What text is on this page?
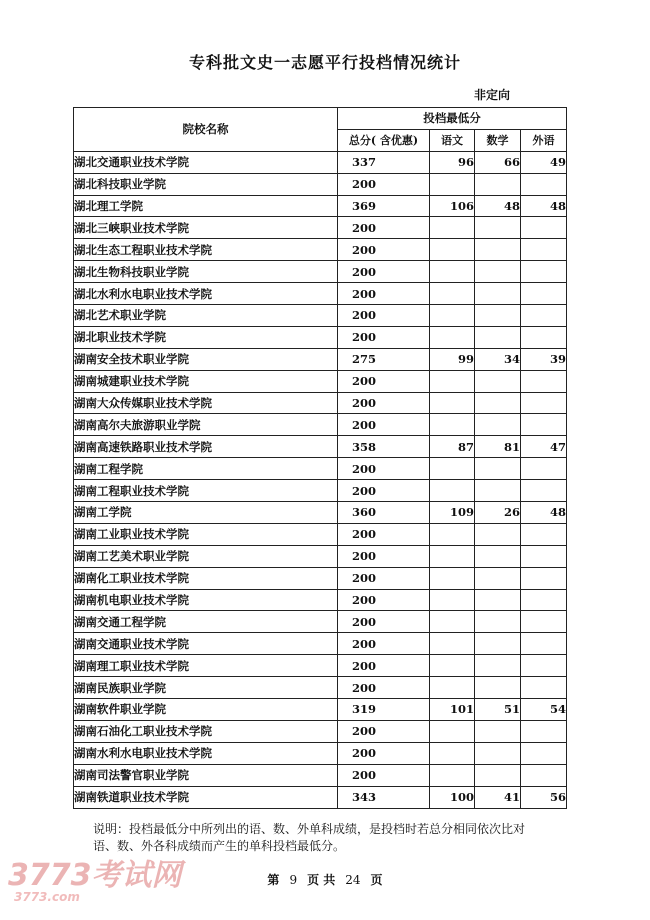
专科批文史一志愿平行投档情况统计
非定向
院校名称	投档最低分			
	总分( 含优惠)	语文	数学	外语
湖北交通职业技术学院	337	96	66	49
湖北科技职业学院	200			
湖北理工学院	369	106	48	48
湖北三峡职业技术学院	200			
湖北生态工程职业技术学院	200			
湖北生物科技职业学院	200			
湖北水利水电职业技术学院	200			
湖北艺术职业学院	200			
湖北职业技术学院	200			
湖南安全技术职业学院	275	99	34	39
湖南城建职业技术学院	200			
湖南大众传媒职业技术学院	200			
湖南高尔夫旅游职业学院	200			
湖南高速铁路职业技术学院	358	87	81	47
湖南工程学院	200			
湖南工程职业技术学院	200			
湖南工学院	360	109	26	48
湖南工业职业技术学院	200			
湖南工艺美术职业学院	200			
湖南化工职业技术学院	200			
湖南机电职业技术学院	200			
湖南交通工程学院	200			
湖南交通职业技术学院	200			
湖南理工职业技术学院	200			
湖南民族职业学院	200			
湖南软件职业学院	319	101	51	54
湖南石油化工职业技术学院	200			
湖南水利水电职业技术学院	200			
湖南司法警官职业学院	200			
湖南铁道职业技术学院	343	100	41	56
说明：投档最低分中所列出的语、数、外单科成绩，是投档时若总分相同依次比对
语、数、外各科成绩而产生的单科投档最低分。
第 9 页 共 24 页
3773考试网
3773.com
